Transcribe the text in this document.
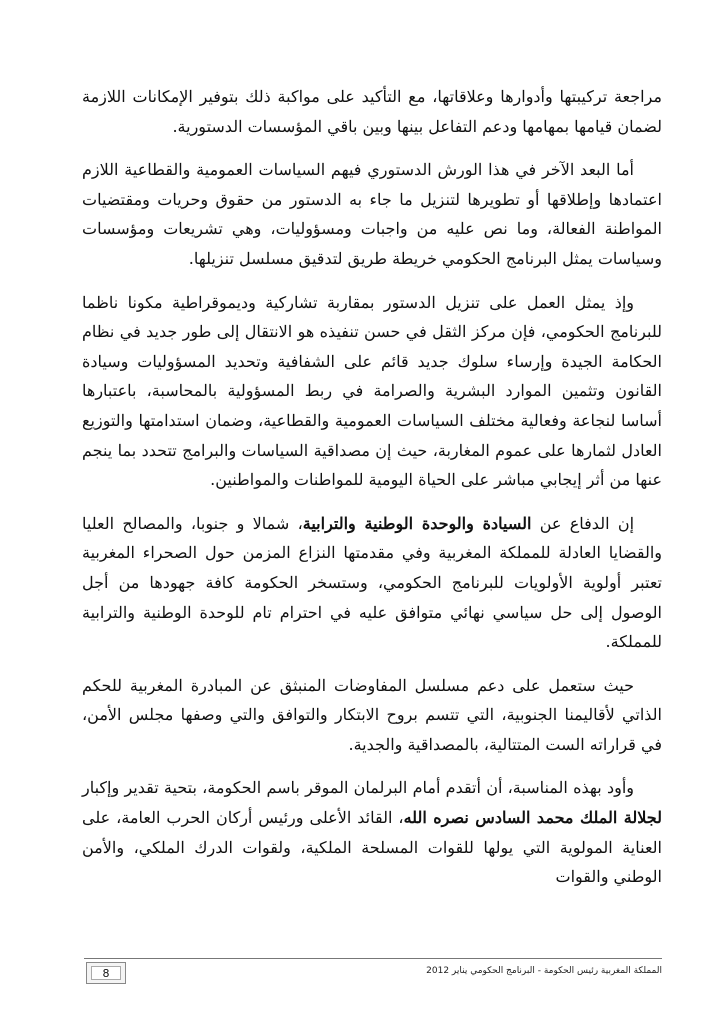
مراجعة تركيبتها وأدوارها وعلاقاتها، مع التأكيد على مواكبة ذلك بتوفير الإمكانات اللازمة لضمان قيامها بمهامها ودعم التفاعل بينها وبين باقي المؤسسات الدستورية.

أما البعد الآخر في هذا الورش الدستوري فيهم السياسات العمومية والقطاعية اللازم اعتمادها وإطلاقها أو تطويرها لتنزيل ما جاء به الدستور من حقوق وحريات ومقتضيات المواطنة الفعالة، وما نص عليه من واجبات ومسؤوليات، وهي تشريعات ومؤسسات وسياسات يمثل البرنامج الحكومي خريطة طريق لتدقيق مسلسل تنزيلها.

وإذ يمثل العمل على تنزيل الدستور بمقاربة تشاركية وديموقراطية مكونا ناظما للبرنامج الحكومي، فإن مركز الثقل في حسن تنفيذه هو الانتقال إلى طور جديد في نظام الحكامة الجيدة وإرساء سلوك جديد قائم على الشفافية وتحديد المسؤوليات وسيادة القانون وتثمين الموارد البشرية والصرامة في ربط المسؤولية بالمحاسبة، باعتبارها أساسا لنجاعة وفعالية مختلف السياسات العمومية والقطاعية، وضمان استدامتها والتوزيع العادل لثمارها على عموم المغاربة، حيث إن مصداقية السياسات والبرامج تتحدد بما ينجم عنها من أثر إيجابي مباشر على الحياة اليومية للمواطنات والمواطنين.

إن الدفاع عن السيادة والوحدة الوطنية والترابية، شمالا و جنوبا، والمصالح العليا والقضايا العادلة للمملكة المغربية وفي مقدمتها النزاع المزمن حول الصحراء المغربية تعتبر أولوية الأولويات للبرنامج الحكومي، وستسخر الحكومة كافة جهودها من أجل الوصول إلى حل سياسي نهائي متوافق عليه في احترام تام للوحدة الوطنية والترابية للمملكة.

حيث ستعمل على دعم مسلسل المفاوضات المنبثق عن المبادرة المغربية للحكم الذاتي لأقاليمنا الجنوبية، التي تتسم بروح الابتكار والتوافق والتي وصفها مجلس الأمن، في قراراته الست المتتالية، بالمصداقية والجدية.

وأود بهذه المناسبة، أن أتقدم أمام البرلمان الموقر باسم الحكومة، بتحية تقدير وإكبار لجلالة الملك محمد السادس نصره الله، القائد الأعلى ورئيس أركان الحرب العامة، على العناية المولوية التي يولها للقوات المسلحة الملكية، ولقوات الدرك الملكي، والأمن الوطني والقوات

المملكة المغربية رئيس الحكومة - البرنامج الحكومي يناير 2012
8
